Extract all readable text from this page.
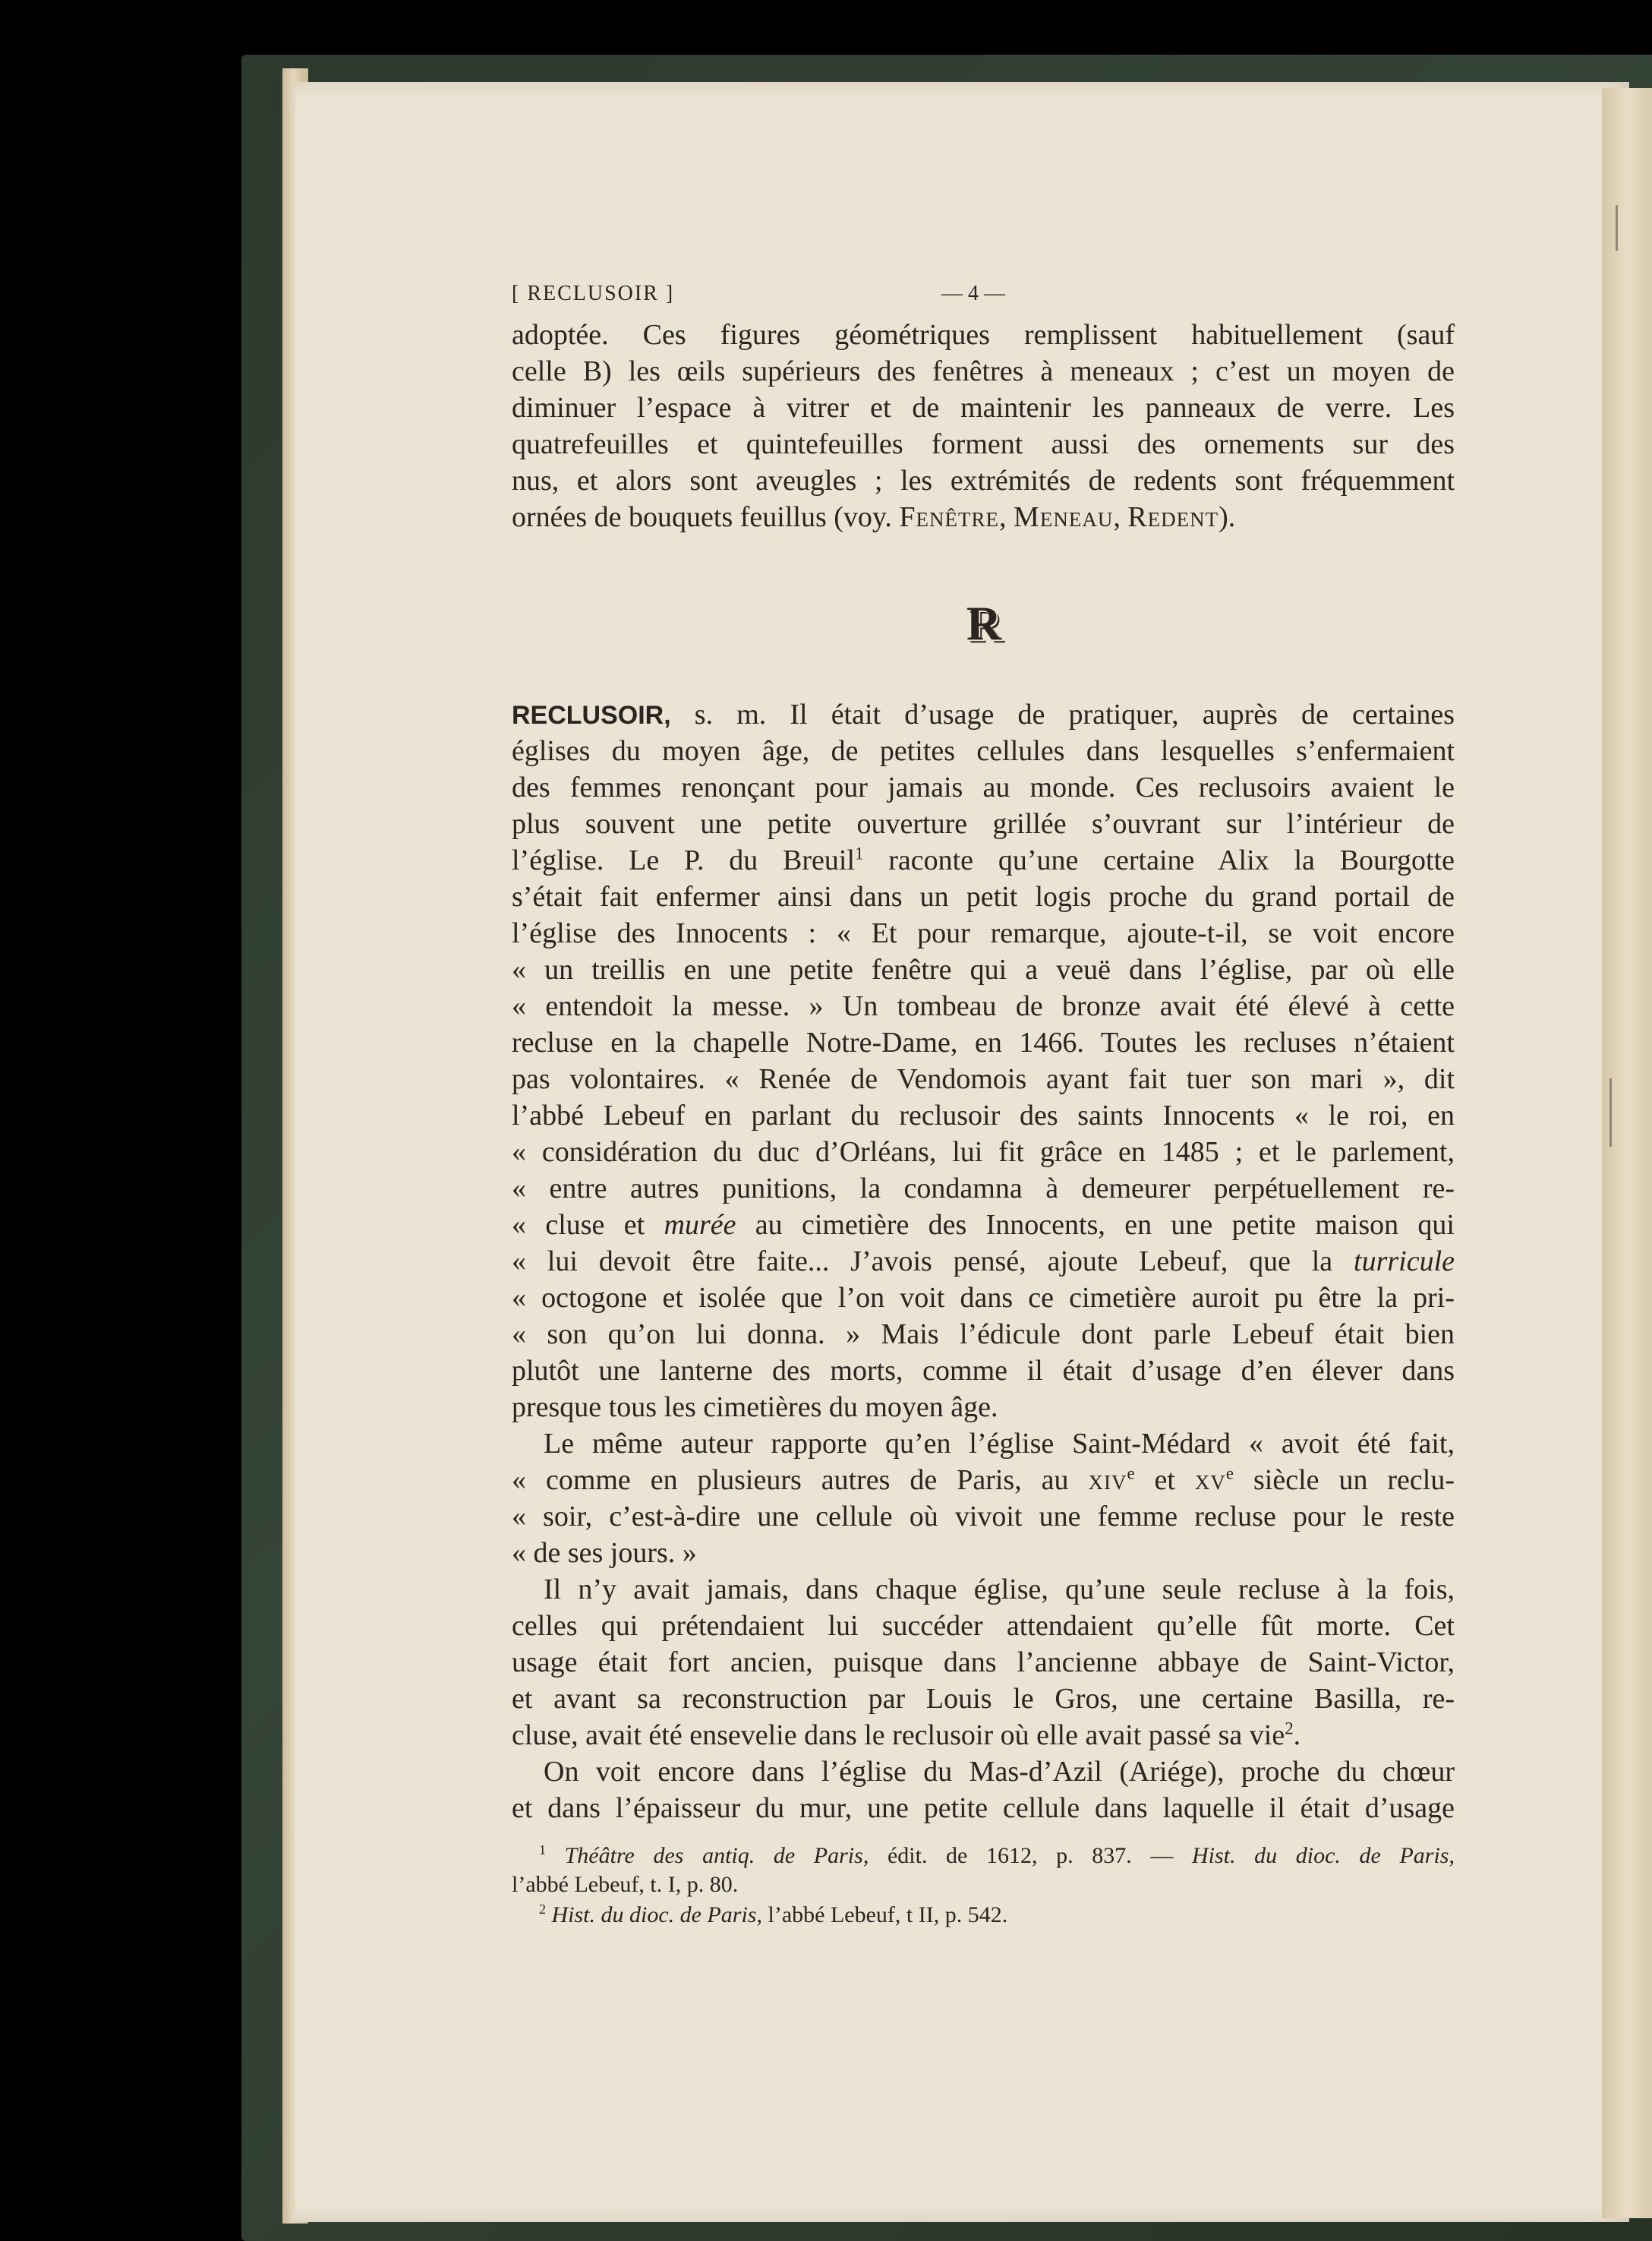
[ RECLUSOIR ]	— 4 —
adoptée. Ces figures géométriques remplissent habituellement (sauf
celle B) les œils supérieurs des fenêtres à meneaux ; c’est un moyen de
diminuer l’espace à vitrer et de maintenir les panneaux de verre. Les
quatrefeuilles et quintefeuilles forment aussi des ornements sur des
nus, et alors sont aveugles ; les extrémités de redents sont fréquemment
ornées de bouquets feuillus (voy. Fenêtre, Meneau, Redent).
R
RECLUSOIR, s. m. Il était d’usage de pratiquer, auprès de certaines
églises du moyen âge, de petites cellules dans lesquelles s’enfermaient
des femmes renonçant pour jamais au monde. Ces reclusoirs avaient le
plus souvent une petite ouverture grillée s’ouvrant sur l’intérieur de
l’église. Le P. du Breuil$^1$ raconte qu’une certaine Alix la Bourgotte
s’était fait enfermer ainsi dans un petit logis proche du grand portail de
l’église des Innocents : « Et pour remarque, ajoute-t-il, se voit encore
« un treillis en une petite fenêtre qui a veuë dans l’église, par où elle
« entendoit la messe. » Un tombeau de bronze avait été élevé à cette
recluse en la chapelle Notre-Dame, en 1466. Toutes les recluses n’étaient
pas volontaires. « Renée de Vendomois ayant fait tuer son mari », dit
l’abbé Lebeuf en parlant du reclusoir des saints Innocents « le roi, en
« considération du duc d’Orléans, lui fit grâce en 1485 ; et le parlement,
« entre autres punitions, la condamna à demeurer perpétuellement re-
« cluse et murée au cimetière des Innocents, en une petite maison qui
« lui devoit être faite... J’avois pensé, ajoute Lebeuf, que la turricule
« octogone et isolée que l’on voit dans ce cimetière auroit pu être la pri-
« son qu’on lui donna. » Mais l’édicule dont parle Lebeuf était bien
plutôt une lanterne des morts, comme il était d’usage d’en élever dans
presque tous les cimetières du moyen âge.
Le même auteur rapporte qu’en l’église Saint-Médard « avoit été fait,
« comme en plusieurs autres de Paris, au xiv$^e$ et $xv^e$ siècle un reclu-
« soir, c’est-à-dire une cellule où vivoit une femme recluse pour le reste
« de ses jours. »
Il n’y avait jamais, dans chaque église, qu’une seule recluse à la fois,
celles qui prétendaient lui succéder attendaient qu’elle fût morte. Cet
usage était fort ancien, puisque dans l’ancienne abbaye de Saint-Victor,
et avant sa reconstruction par Louis le Gros, une certaine Basilla, re-
cluse, avait été ensevelie dans le reclusoir où elle avait passé sa vie$^2$.
On voit encore dans l’église du Mas-d’Azil (Ariége), proche du chœur
et dans l’épaisseur du mur, une petite cellule dans laquelle il était d’usage
$^1$ Théâtre des antiq. de Paris, édit. de 1612, p. 837. — Hist. du dioc. de Paris,
l’abbé Lebeuf, t. I, p. 80.
$^2$ Hist. du dioc. de Paris, l’abbé Lebeuf, t II, p. 542.
